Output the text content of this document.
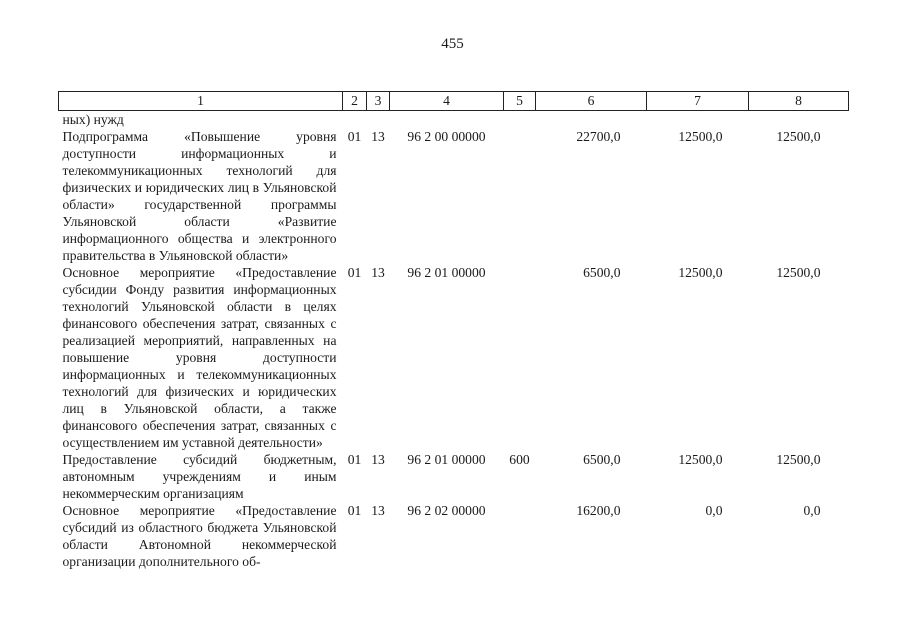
455
1	2	3	4	5	6	7	8
ных) нужд							
Подпрограмма «Повышение уровня доступности информационных и телекоммуникационных технологий для физических и юридических лиц в Ульяновской области» государственной программы Ульяновской области «Развитие информационного общества и электронного правительства в Ульяновской области»	01	13	96 2 00 00000		22700,0	12500,0	12500,0
Основное мероприятие «Предоставление субсидии Фонду развития информационных технологий Ульяновской области в целях финансового обеспечения затрат, связанных с реализацией мероприятий, направленных на повышение уровня доступности информационных и телекоммуникационных технологий для физических и юридических лиц в Ульяновской области, а также финансового обеспечения затрат, связанных с осуществлением им уставной деятельности»	01	13	96 2 01 00000		6500,0	12500,0	12500,0
Предоставление субсидий бюджетным, автономным учреждениям и иным некоммерческим организациям	01	13	96 2 01 00000	600	6500,0	12500,0	12500,0
Основное мероприятие «Предоставление субсидий из областного бюджета Ульяновской области Автономной некоммерческой организации дополнительного об-	01	13	96 2 02 00000		16200,0	0,0	0,0
